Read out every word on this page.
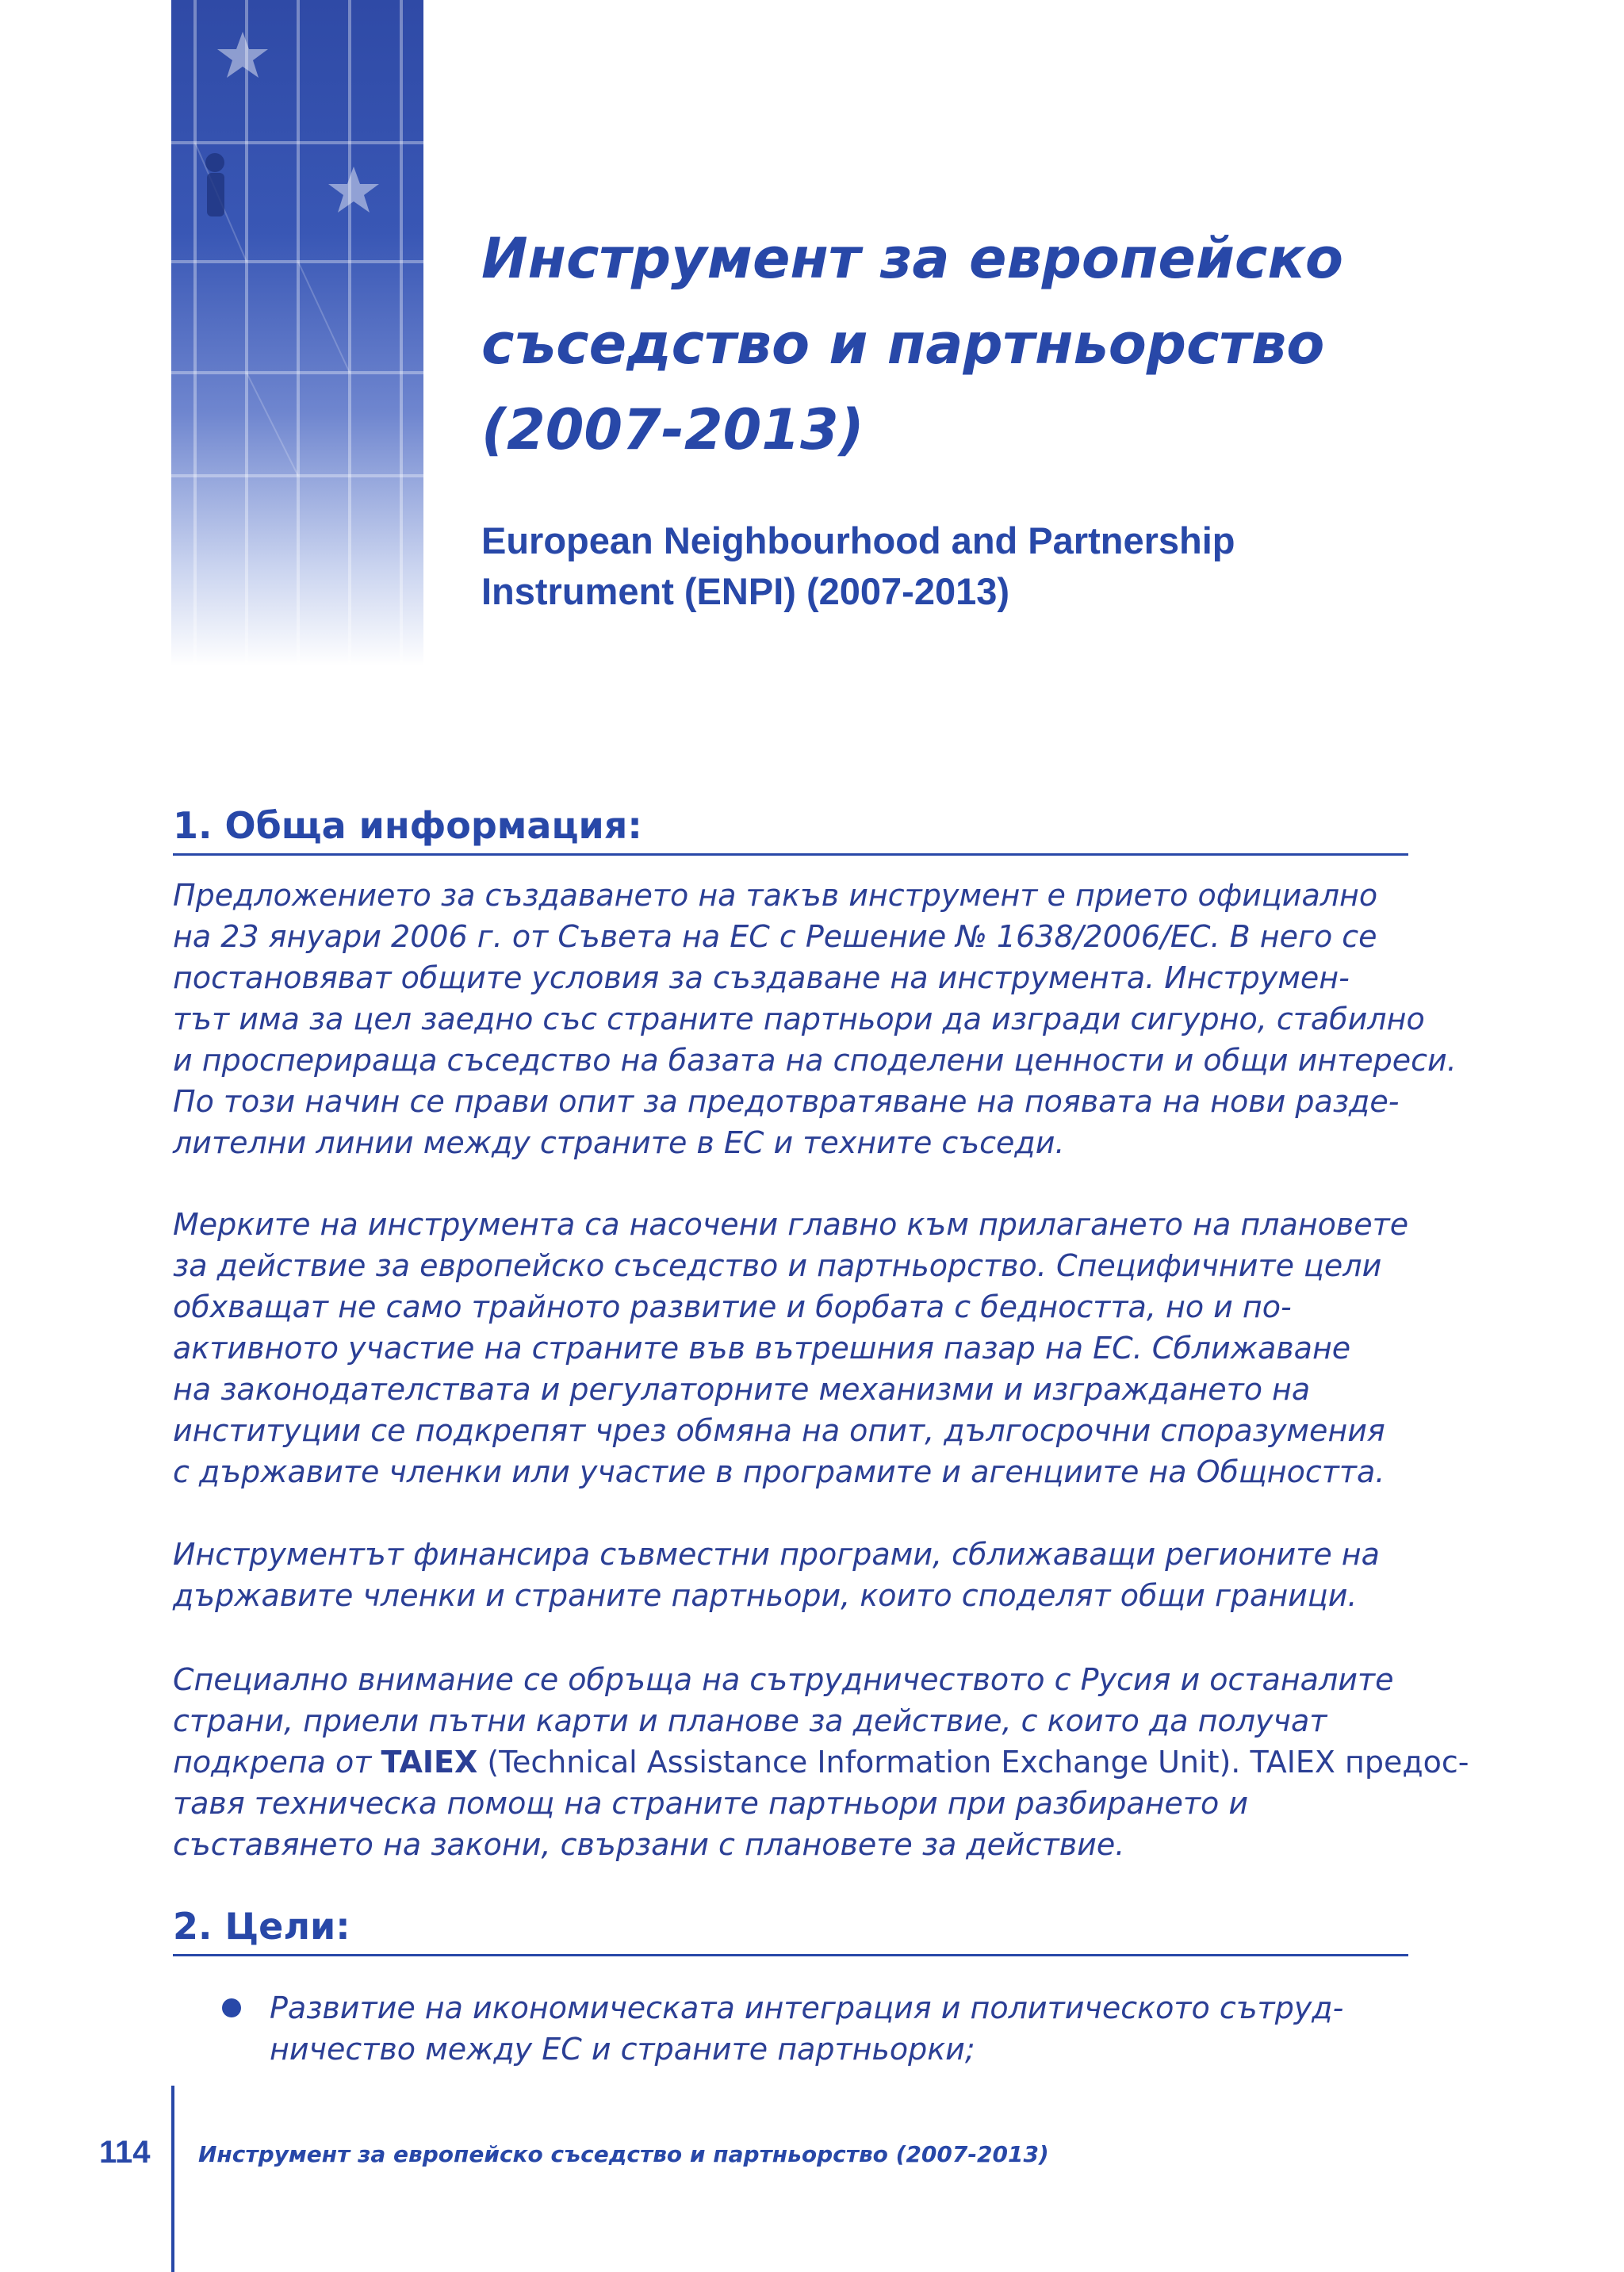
Инструмент за европейско
съседство и партньорство
(2007-2013)
European Neighbourhood and Partnership
Instrument (ENPI) (2007-2013)
1. Обща информация:

Предложението за създаването на такъв инструмент е прието официално
на 23 януари 2006 г. от Съвета на ЕС с Решение № 1638/2006/ЕС. В него се
постановяват общите условия за създаване на инструмента. Инструмен-
тът има за цел заедно със страните партньори да изгради сигурно, стабилно
и просперираща съседство на базата на споделени ценности и общи интереси.
По този начин се прави опит за предотвратяване на появата на нови разде-
лителни линии между страните в ЕС и техните съседи.

Мерките на инструмента са насочени главно към прилагането на плановете
за действие за европейско съседство и партньорство. Специфичните цели
обхващат не само трайното развитие и борбата с бедността, но и по-
активното участие на страните във вътрешния пазар на ЕС. Сближаване
на законодателствата и регулаторните механизми и изграждането на
институции се подкрепят чрез обмяна на опит, дългосрочни споразумения
с държавите членки или участие в програмите и агенциите на Общността.

Инструментът финансира съвместни програми, сближаващи регионите на
държавите членки и страните партньори, които споделят общи граници.

Специално внимание се обръща на сътрудничеството с Русия и останалите
страни, приели пътни карти и планове за действие, с които да получат
подкрепа от TAIEX (Technical Assistance Information Exchange Unit). TAIEX предос-
тавя техническа помощ на страните партньори при разбирането и
съставянето на закони, свързани с плановете за действие.

2. Цели:
Развитие на икономическата интеграция и политическото сътруд-
ничество между ЕС и страните партньорки;
114 Инструмент за европейско съседство и партньорство (2007-2013)
